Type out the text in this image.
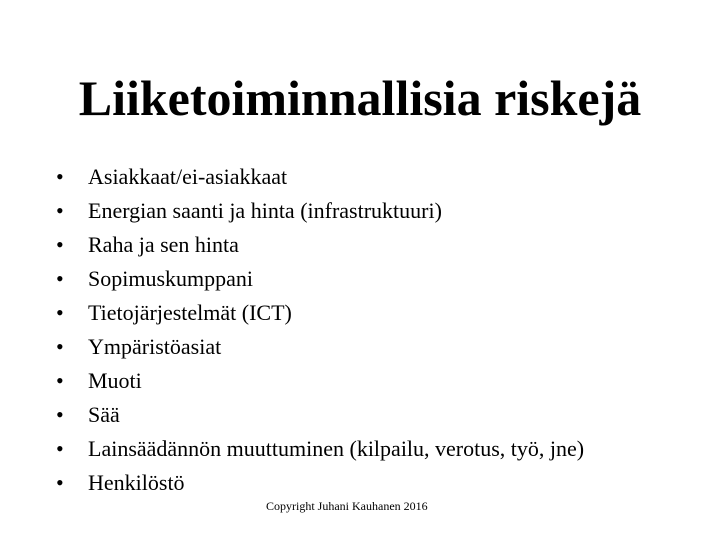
Liiketoiminnallisia riskejä
•	Asiakkaat/ei-asiakkaat
•	Energian saanti ja hinta (infrastruktuuri)
•	Raha ja sen hinta
•	Sopimuskumppani
•	Tietojärjestelmät (ICT)
•	Ympäristöasiat
•	Muoti
•	Sää
•	Lainsäädännön muuttuminen (kilpailu, verotus, työ, jne)
•	Henkilöstö
Copyright Juhani Kauhanen 2016
